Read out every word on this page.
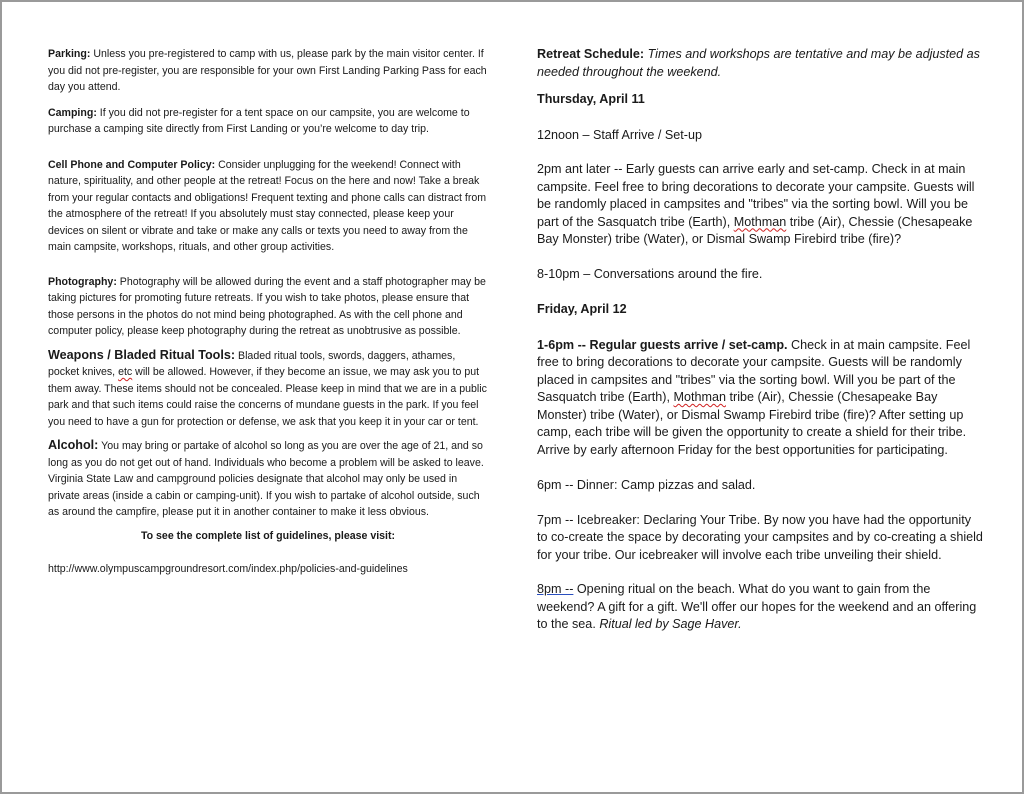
Parking: Unless you pre-registered to camp with us, please park by the main visitor center. If you did not pre-register, you are responsible for your own First Landing Parking Pass for each day you attend.

Camping: If you did not pre-register for a tent space on our campsite, you are welcome to purchase a camping site directly from First Landing or you’re welcome to day trip.

Cell Phone and Computer Policy: Consider unplugging for the weekend! Connect with nature, spirituality, and other people at the retreat! Focus on the here and now! Take a break from your regular contacts and obligations! Frequent texting and phone calls can distract from the atmosphere of the retreat! If you absolutely must stay connected, please keep your devices on silent or vibrate and take or make any calls or texts you need to away from the main campsite, workshops, rituals, and other group activities.

Photography: Photography will be allowed during the event and a staff photographer may be taking pictures for promoting future retreats. If you wish to take photos, please ensure that those persons in the photos do not mind being photographed. As with the cell phone and computer policy, please keep photography during the retreat as unobtrusive as possible.

Weapons / Bladed Ritual Tools: Bladed ritual tools, swords, daggers, athames, pocket knives, etc will be allowed. However, if they become an issue, we may ask you to put them away. These items should not be concealed. Please keep in mind that we are in a public park and that such items could raise the concerns of mundane guests in the park. If you feel you need to have a gun for protection or defense, we ask that you keep it in your car or tent.

Alcohol: You may bring or partake of alcohol so long as you are over the age of 21, and so long as you do not get out of hand. Individuals who become a problem will be asked to leave. Virginia State Law and campground policies designate that alcohol may only be used in private areas (inside a cabin or camping-unit). If you wish to partake of alcohol outside, such as around the campfire, please put it in another container to make it less obvious.

To see the complete list of guidelines, please visit:

http://www.olympuscampgroundresort.com/index.php/policies-and-guidelines

Retreat Schedule: Times and workshops are tentative and may be adjusted as needed throughout the weekend.

Thursday, April 11

12noon – Staff Arrive / Set-up

2pm ant later -- Early guests can arrive early and set-camp. Check in at main campsite. Feel free to bring decorations to decorate your campsite. Guests will be randomly placed in campsites and "tribes" via the sorting bowl. Will you be part of the Sasquatch tribe (Earth), Mothman tribe (Air), Chessie (Chesapeake Bay Monster) tribe (Water), or Dismal Swamp Firebird tribe (fire)?

8-10pm – Conversations around the fire.

Friday, April 12

1-6pm -- Regular guests arrive / set-camp. Check in at main campsite. Feel free to bring decorations to decorate your campsite. Guests will be randomly placed in campsites and "tribes" via the sorting bowl. Will you be part of the Sasquatch tribe (Earth), Mothman tribe (Air), Chessie (Chesapeake Bay Monster) tribe (Water), or Dismal Swamp Firebird tribe (fire)? After setting up camp, each tribe will be given the opportunity to create a shield for their tribe. Arrive by early afternoon Friday for the best opportunities for participating.

6pm -- Dinner: Camp pizzas and salad.

7pm -- Icebreaker: Declaring Your Tribe. By now you have had the opportunity to co-create the space by decorating your campsites and by co-creating a shield for your tribe. Our icebreaker will involve each tribe unveiling their shield.

8pm -- Opening ritual on the beach. What do you want to gain from the weekend? A gift for a gift. We'll offer our hopes for the weekend and an offering to the sea. Ritual led by Sage Haver.
